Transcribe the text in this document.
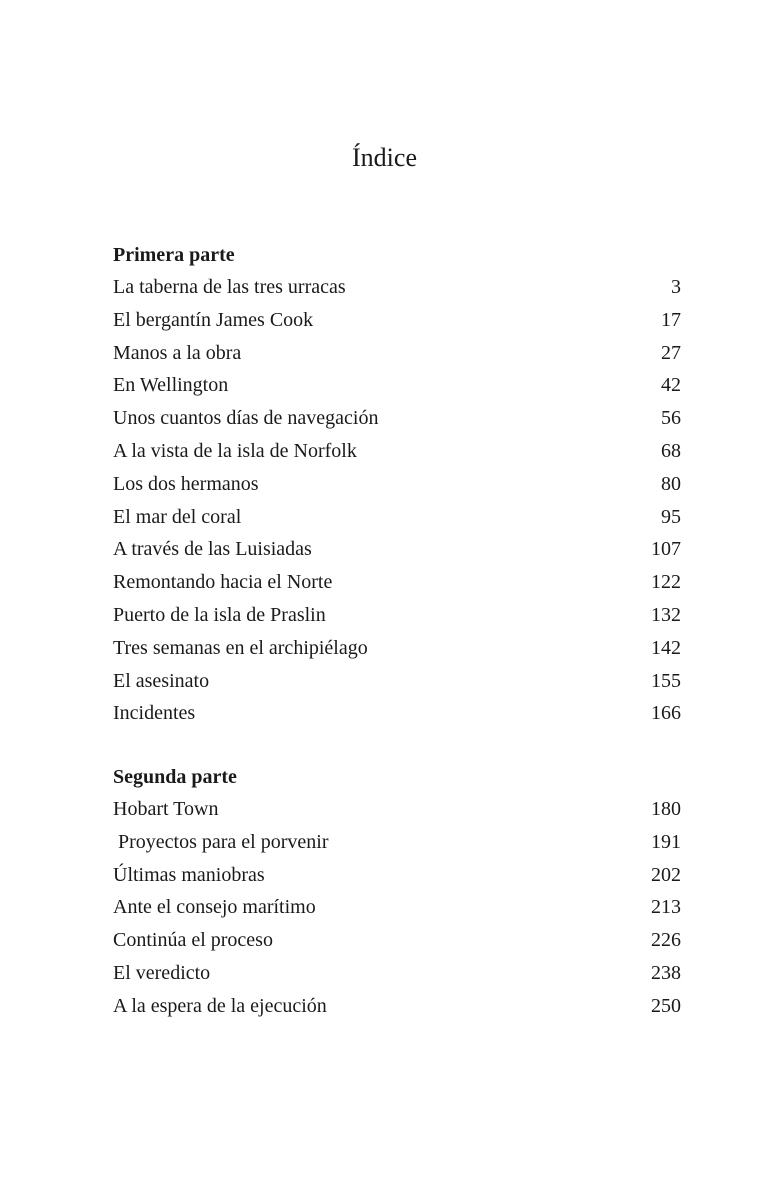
Índice
Primera parte
La taberna de las tres urracas	3
El bergantín James Cook	17
Manos a la obra	27
En Wellington	42
Unos cuantos días de navegación	56
A la vista de la isla de Norfolk	68
Los dos hermanos	80
El mar del coral	95
A través de las Luisiadas	107
Remontando hacia el Norte	122
Puerto de la isla de Praslin	132
Tres semanas en el archipiélago	142
El asesinato	155
Incidentes	166
Segunda parte
Hobart Town	180
Proyectos para el porvenir	191
Últimas maniobras	202
Ante el consejo marítimo	213
Continúa el proceso	226
El veredicto	238
A la espera de la ejecución	250
